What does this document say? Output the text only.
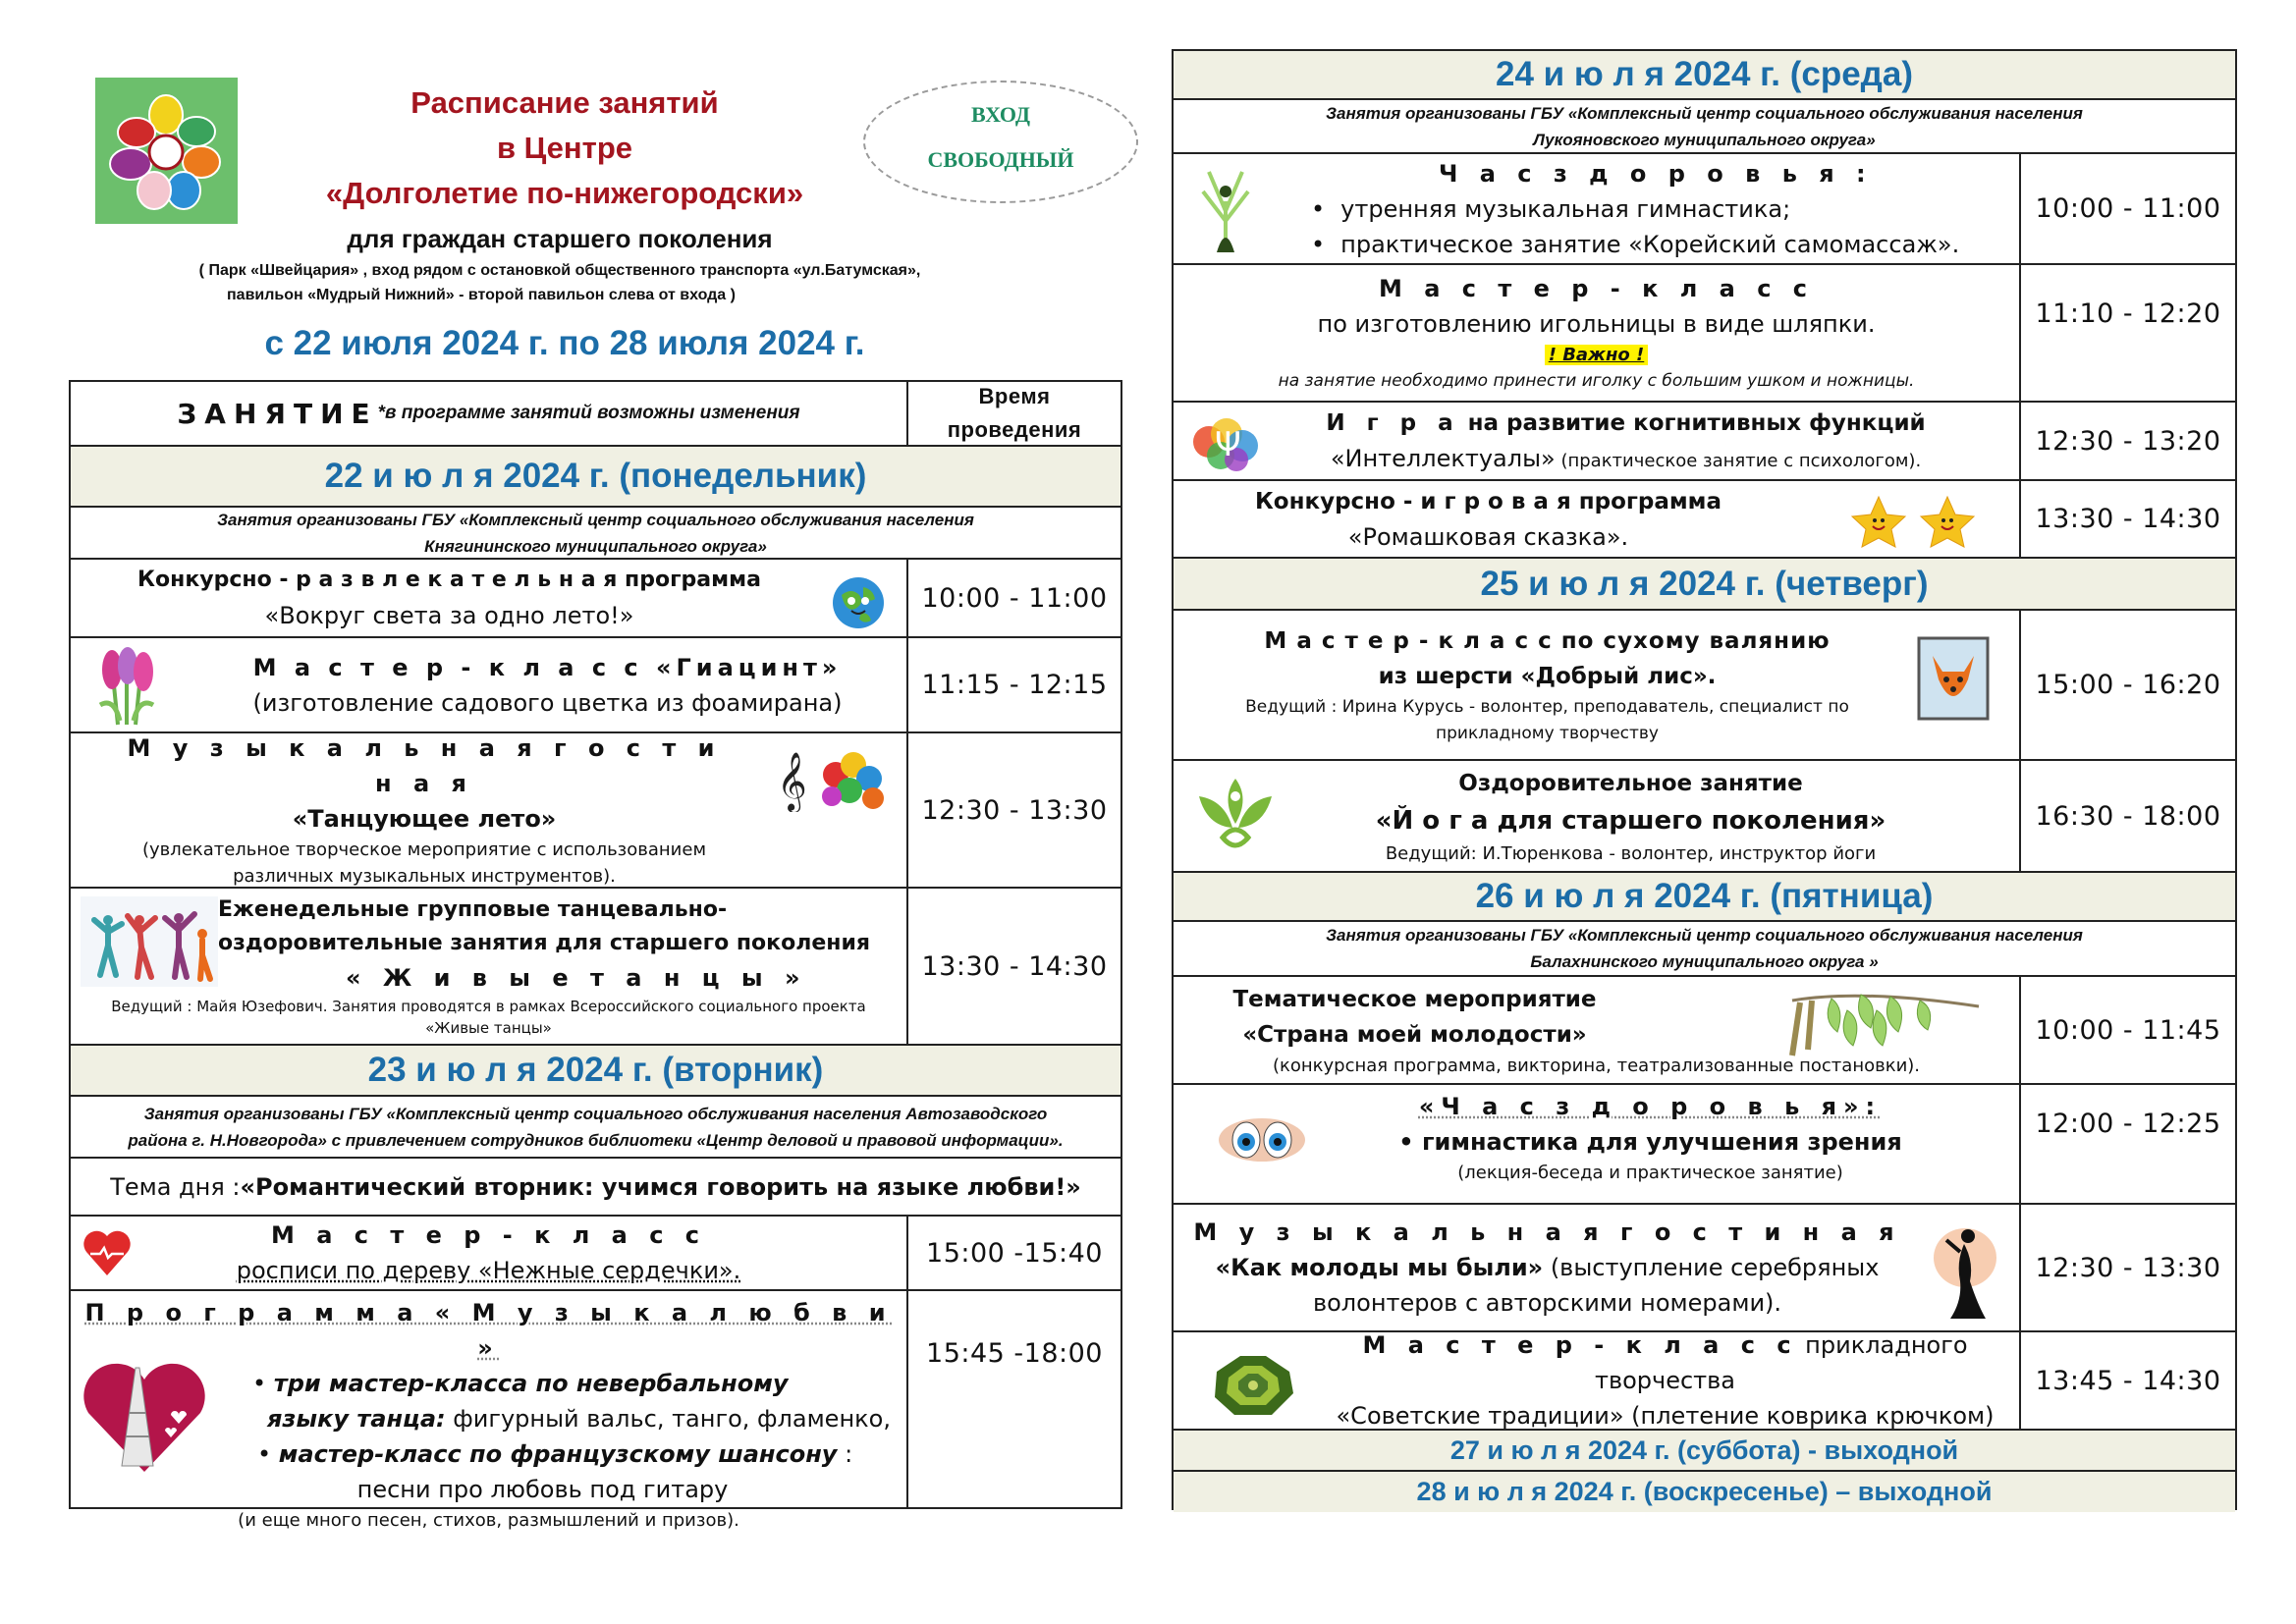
Расписание занятий
в Центре
«Долголетие по-нижегородски»
для граждан старшего поколения
( Парк «Швейцария» , вход рядом с остановкой общественного транспорта «ул.Батумская»,
павильон «Мудрый Нижний» - второй павильон слева от входа )
с 22 июля 2024 г. по 28 июля 2024 г.
ВХОД
СВОБОДНЫЙ
ЗАНЯТИЕ *в программе занятий возможны изменения
Время
проведения
22 и ю л я 2024 г. (понедельник)
Занятия организованы ГБУ «Комплексный центр социального обслуживания населения
Княгининского муниципального округа»
Конкурсно - р а з в л е к а т е л ь н а я программа
«Вокруг света за одно лето!»
10:00 - 11:00
М а с т е р - к л а с с «Гиацинт»
(изготовление садового цветка из фоамирана)
11:15 - 12:15
М у з ы к а л ь н а я г о с т и н а я
«Танцующее лето»
(увлекательное творческое мероприятие с использованием
различных музыкальных инструментов).
𝄞	12:30 - 13:30
Еженедельные групповые танцевально-
оздоровительные занятия для старшего поколения
« Ж и в ы е т а н ц ы »
Ведущий : Майя Юзефович. Занятия проводятся в рамках Всероссийского социального проекта
«Живые танцы»
13:30 - 14:30
23 и ю л я 2024 г. (вторник)
Занятия организованы ГБУ «Комплексный центр социального обслуживания населения Автозаводского
района г. Н.Новгорода» с привлечением сотрудников библиотеки «Центр деловой и правовой информации».
Тема дня : «Романтический вторник: учимся говорить на языке любви!»
М а с т е р - к л а с с
росписи по дереву «Нежные сердечки».
15:00 -15:40
П р о г р а м м а « М у з ы к а л ю б в и »
• три мастер-класса по невербальному
языку танца: фигурный вальс, танго, фламенко,
• мастер-класс по французскому шансону :
песни про любовь под гитару
(и еще много песен, стихов, размышлений и призов).
15:45 -18:00
24 и ю л я 2024 г. (среда)
Занятия организованы ГБУ «Комплексный центр социального обслуживания населения
Лукояновского муниципального округа»
Ч а с з д о р о в ь я :
• утренняя музыкальная гимнастика;
• практическое занятие «Корейский самомассаж».
10:00 - 11:00
М а с т е р - к л а с с
по изготовлению игольницы в виде шляпки.
! Важно !
на занятие необходимо принести иголку с большим ушком и ножницы.
11:10 - 12:20
И г р а на развитие когнитивных функций
«Интеллектуалы» (практическое занятие с психологом).
Ψ	12:30 - 13:20
Конкурсно - и г р о в а я программа
«Ромашковая сказка».
13:30 - 14:30
25 и ю л я 2024 г. (четверг)
М а с т е р - к л а с с по сухому валянию
из шерсти «Добрый лис».
Ведущий : Ирина Курусь - волонтер, преподаватель, специалист по
прикладному творчеству
15:00 - 16:20
Оздоровительное занятие
«Й о г а для старшего поколения»
Ведущий: И.Тюренкова - волонтер, инструктор йоги
16:30 - 18:00
26 и ю л я 2024 г. (пятница)
Занятия организованы ГБУ «Комплексный центр социального обслуживания населения
Балахнинского муниципального округа »
Тематическое мероприятие
«Страна моей молодости»
(конкурсная программа, викторина, театрализованные постановки).
10:00 - 11:45
«Ч а с з д о р о в ь я»:
• гимнастика для улучшения зрения
(лекция-беседа и практическое занятие)
12:00 - 12:25
М у з ы к а л ь н а я г о с т и н а я
«Как молоды мы были» (выступление серебряных
волонтеров с авторскими номерами).
12:30 - 13:30
М а с т е р - к л а с с прикладного творчества
«Советские традиции» (плетение коврика крючком)
13:45 - 14:30
27 и ю л я 2024 г. (суббота) - выходной
28 и ю л я 2024 г. (воскресенье) – выходной
